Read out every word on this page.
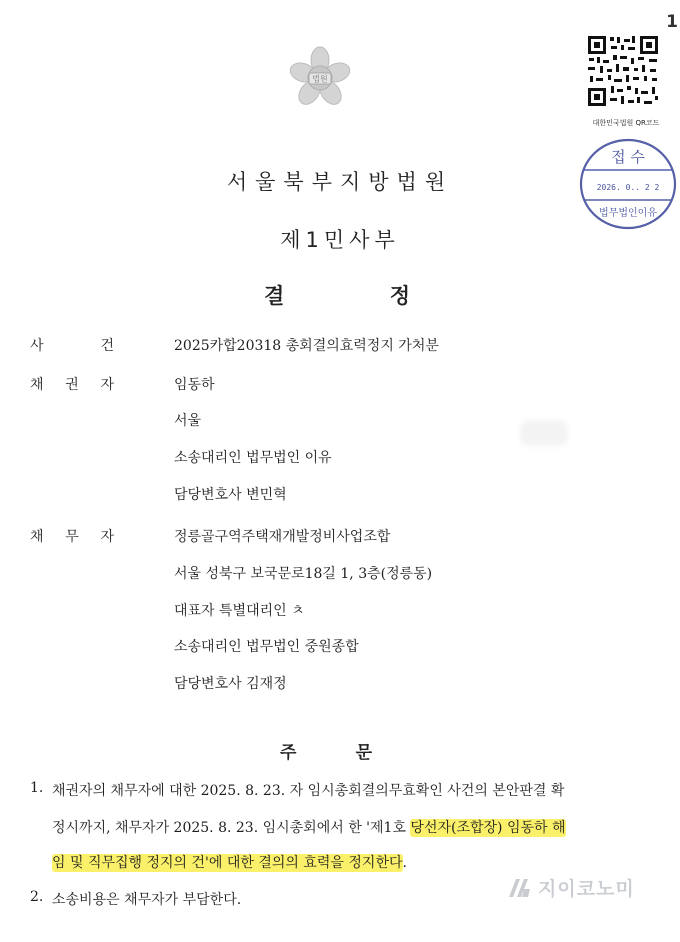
1
법원
대한민국법원 QR코드
접 수
2026. 0.. 2 2
법무법인이유
서울북부지방법원
제1민사부
결	정
사	건	2025카합20318 총회결의효력정지 가처분
채 권 자	임동하
서울
소송대리인 법무법인 이유
담당변호사 변민혁
채 무 자	정릉골구역주택재개발정비사업조합
서울 성북구 보국문로18길 1, 3층(정릉동)
대표자 특별대리인 ㅊ
소송대리인 법무법인 중원종합
담당변호사 김재정
주	문
1. 채권자의 채무자에 대한 2025. 8. 23. 자 임시총회결의무효확인 사건의 본안판결 확
정시까지, 채무자가 2025. 8. 23. 임시총회에서 한 '제1호 당선자(조합장) 임동하 해
임 및 직무집행 정지의 건'에 대한 결의의 효력을 정지한다.
2. 소송비용은 채무자가 부담한다.	지이코노미
